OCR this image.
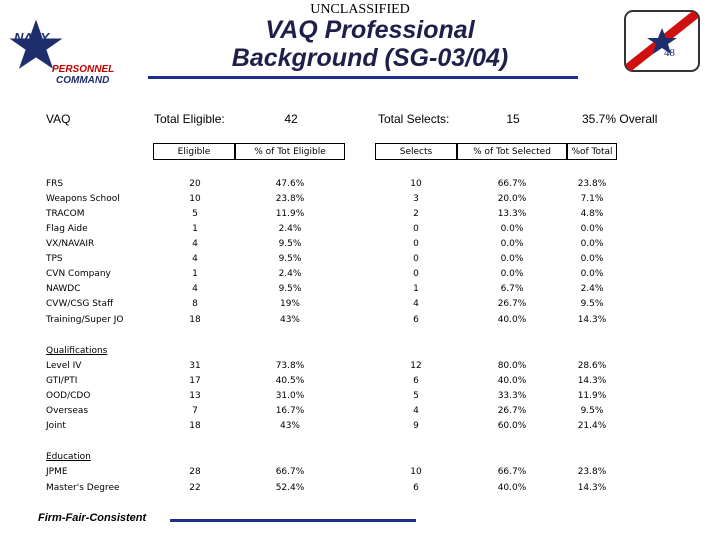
UNCLASSIFIED
NAVY
PERSONNEL
COMMAND
VAQ Professional
Background (SG-03/04)	48
VAQ	Total Eligible:	42	Total Selects:	15	35.7% Overall
Eligible	% of Tot Eligible	Selects	% of Tot Selected	%of Total
FRS	20	47.6%	10	66.7%	23.8%
Weapons School	10	23.8%	3	20.0%	7.1%
TRACOM	5	11.9%	2	13.3%	4.8%
Flag Aide	1	2.4%	0	0.0%	0.0%
VX/NAVAIR	4	9.5%	0	0.0%	0.0%
TPS	4	9.5%	0	0.0%	0.0%
CVN Company	1	2.4%	0	0.0%	0.0%
NAWDC	4	9.5%	1	6.7%	2.4%
CVW/CSG Staff	8	19%	4	26.7%	9.5%
Training/Super JO	18	43%	6	40.0%	14.3%
Qualifications
Level IV	31	73.8%	12	80.0%	28.6%
GTI/PTI	17	40.5%	6	40.0%	14.3%
OOD/CDO	13	31.0%	5	33.3%	11.9%
Overseas	7	16.7%	4	26.7%	9.5%
Joint	18	43%	9	60.0%	21.4%
Education
JPME	28	66.7%	10	66.7%	23.8%
Master's Degree	22	52.4%	6	40.0%	14.3%
Firm-Fair-Consistent
